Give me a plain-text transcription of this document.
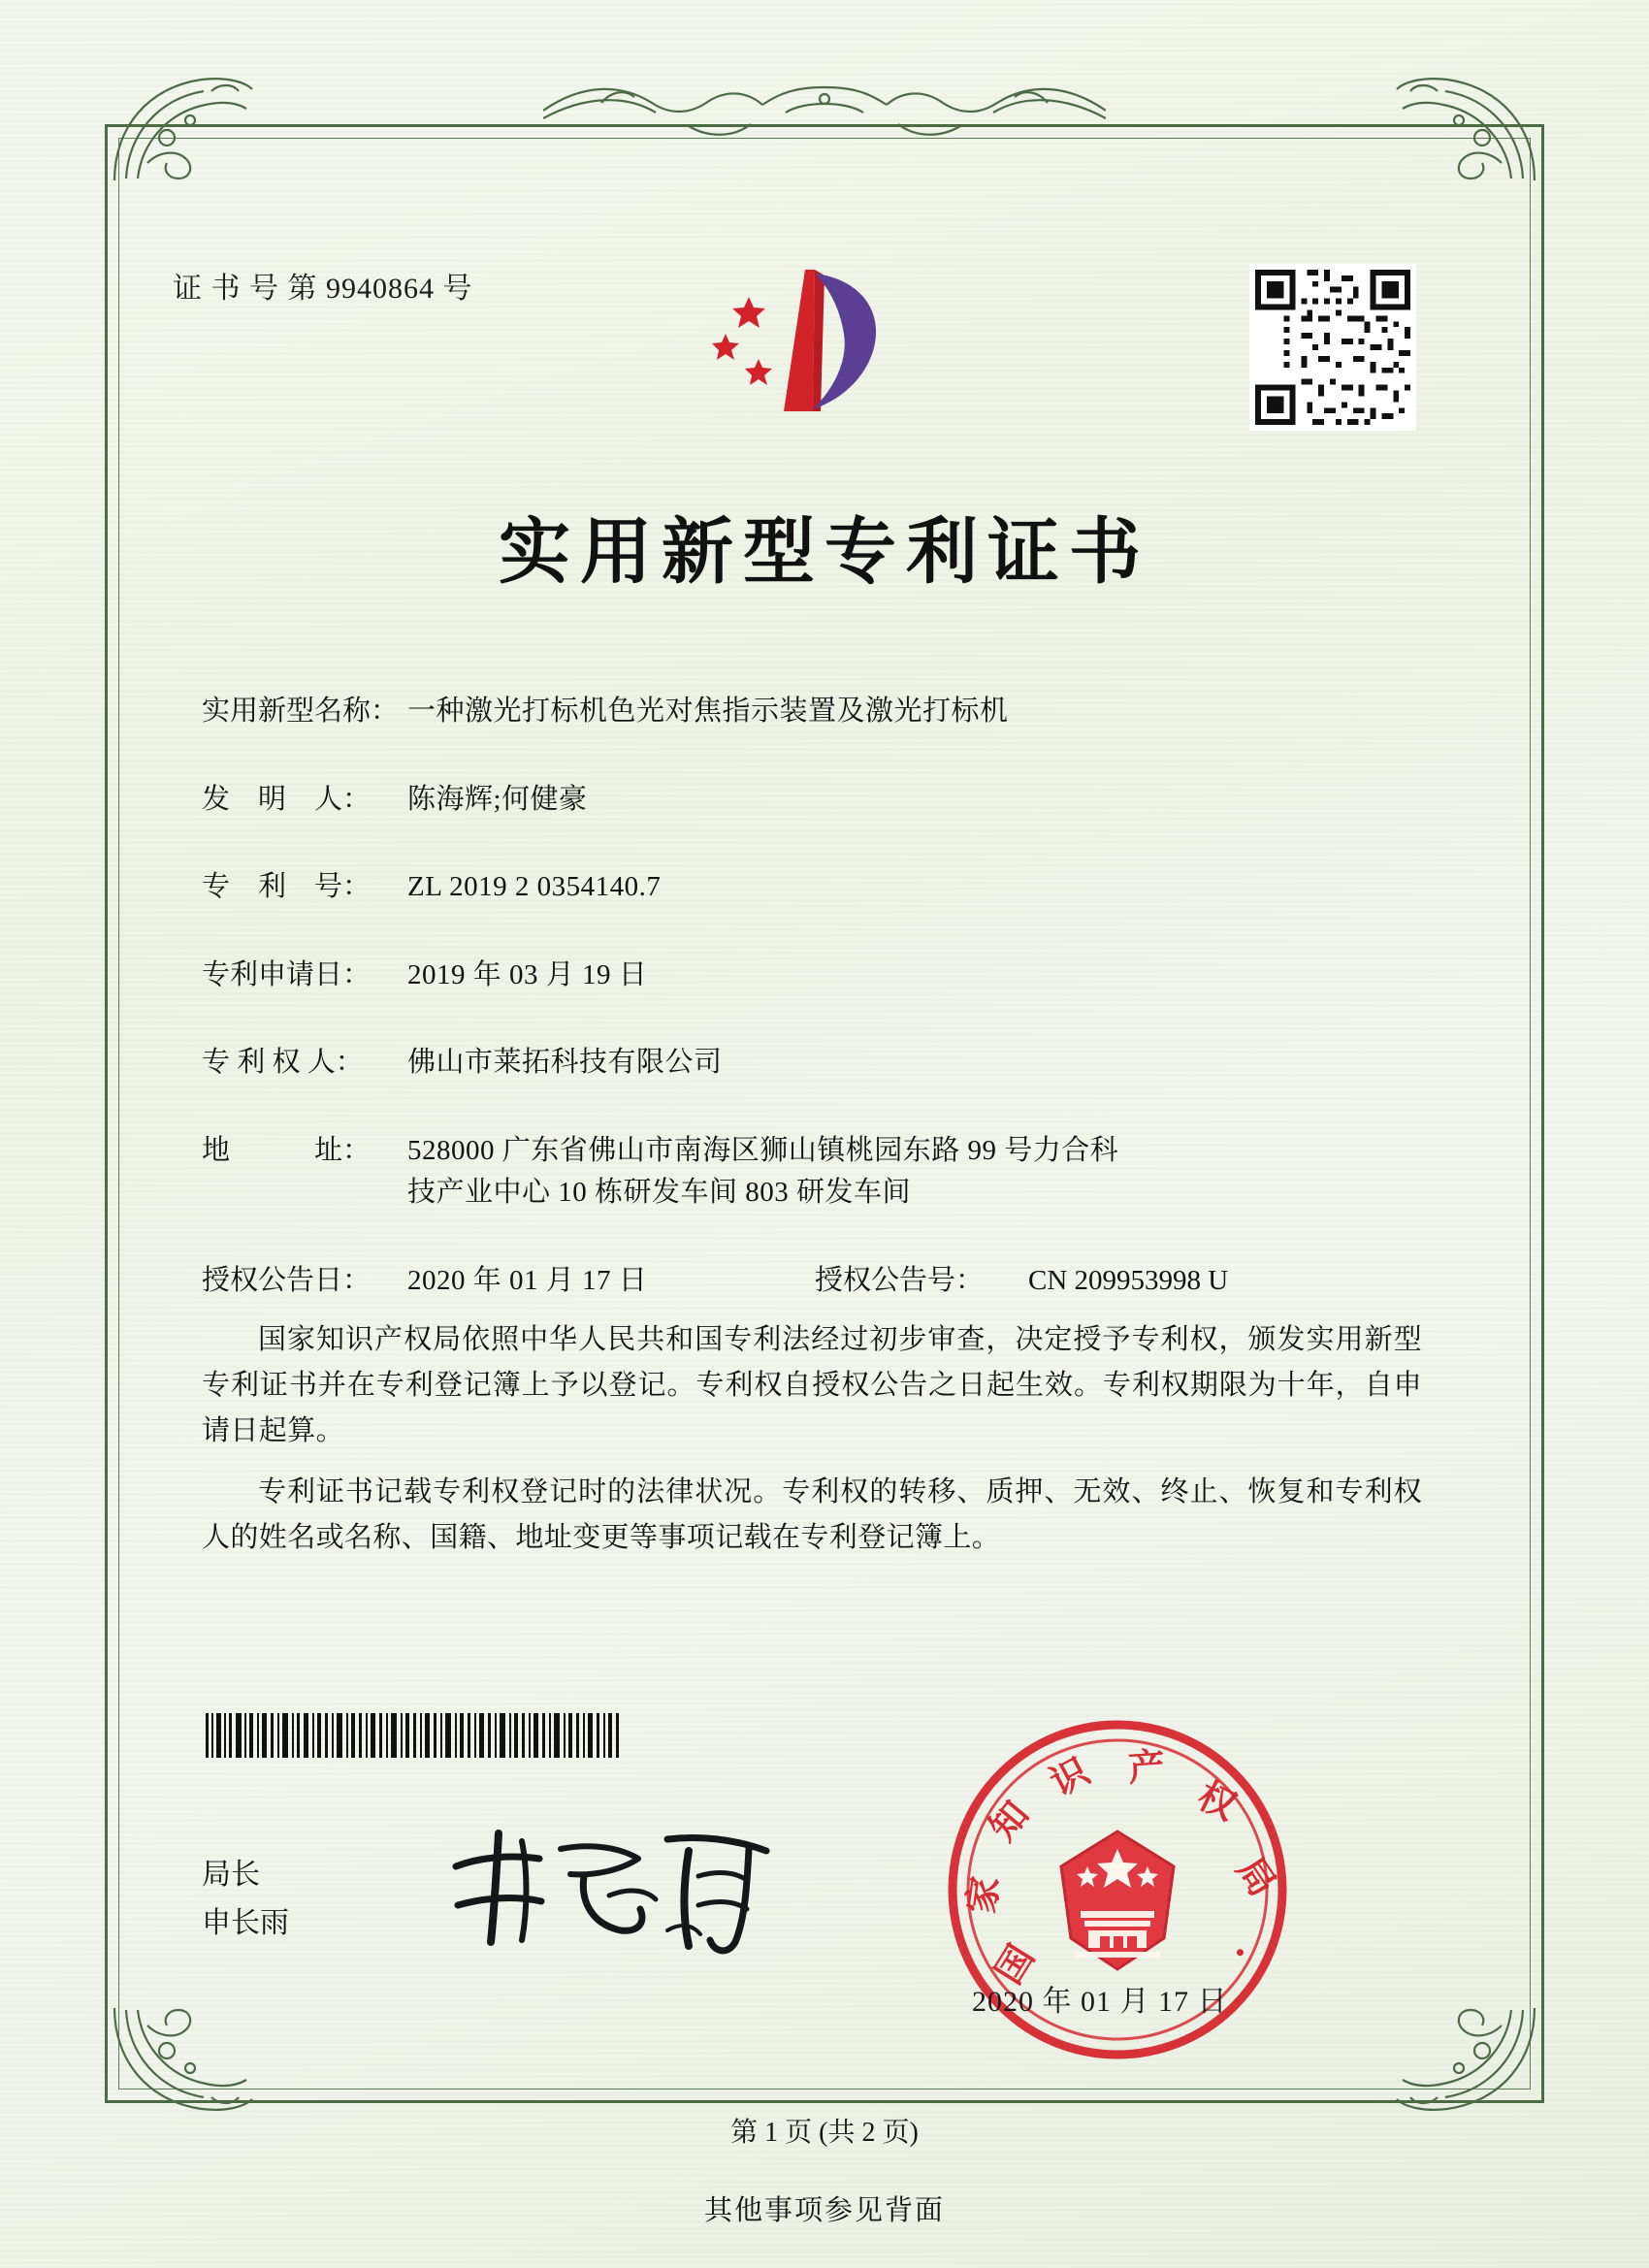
证 书 号 第 9940864 号
实用新型专利证书
实用新型名称： 一种激光打标机色光对焦指示装置及激光打标机
发　明　人：	陈海辉;何健豪
专　利　号：	ZL 2019 2 0354140.7
专利申请日：	2019 年 03 月 19 日
专 利 权 人：	佛山市莱拓科技有限公司
地　　　址：	528000 广东省佛山市南海区狮山镇桃园东路 99 号力合科
技产业中心 10 栋研发车间 803 研发车间
授权公告日：	2020 年 01 月 17 日	授权公告号：	CN 209953998 U

国家知识产权局依照中华人民共和国专利法经过初步审查，决定授予专利权，颁发实用新型专利证书并在专利登记簿上予以登记。专利权自授权公告之日起生效。专利权期限为十年，自申请日起算。

专利证书记载专利权登记时的法律状况。专利权的转移、质押、无效、终止、恢复和专利权人的姓名或名称、国籍、地址变更等事项记载在专利登记簿上。

局长
申长雨
国
家
知
识 产
权
局
·
2020 年 01 月 17 日
第 1 页 (共 2 页)
其他事项参见背面
